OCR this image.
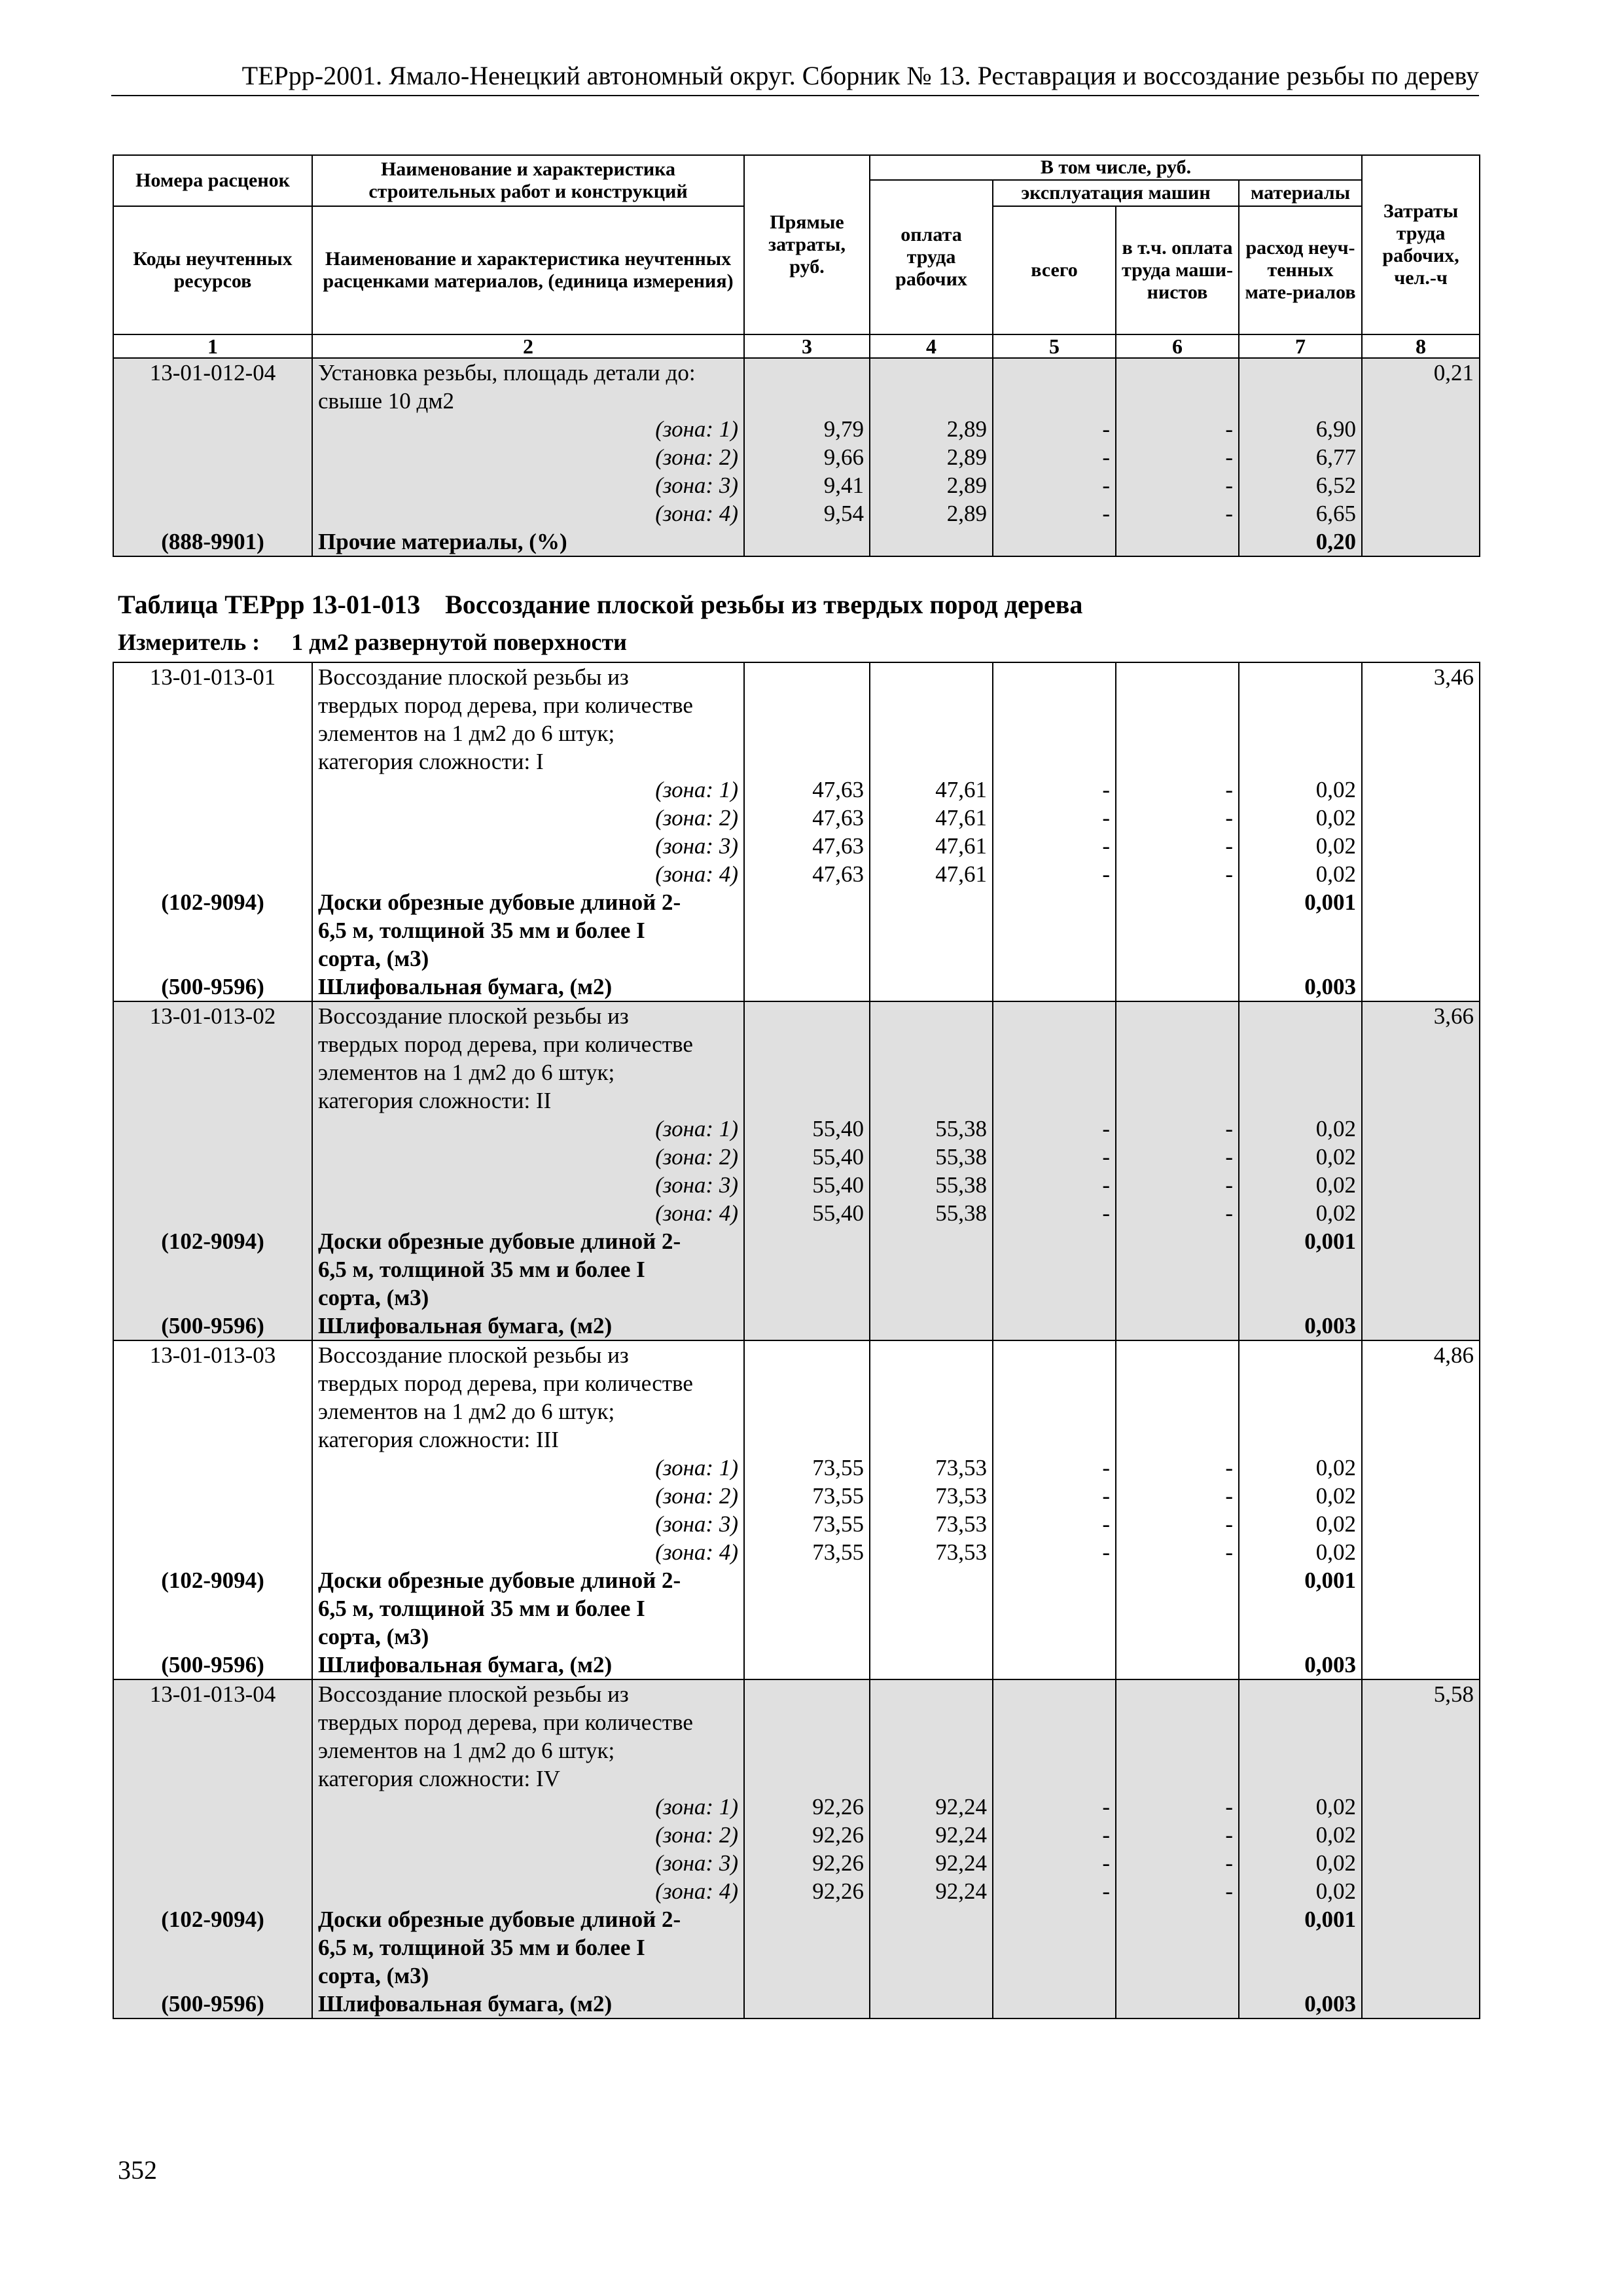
ТЕРрр-2001. Ямало-Ненецкий автономный округ. Сборник № 13. Реставрация и воссоздание резьбы по дереву
Номера расценок	Наименование и характеристика строительных работ и конструкций	Прямые затраты, руб.	В том числе, руб.				Затраты труда рабочих, чел.-ч
			оплата труда рабочих	эксплуатация машин		материалы	
Коды неучтенных ресурсов	Наименование и характеристика неучтенных расценками материалов, (единица измерения)			всего	в т.ч. оплата труда маши-нистов	расход неуч-тенных мате-риалов	
1	2	3	4	5	6	7	8
13-01-012-04	Установка резьбы, площадь детали до:						0,21
	свыше 10 дм2						
	(зона: 1)	9,79	2,89	-	-	6,90	
	(зона: 2)	9,66	2,89	-	-	6,77	
	(зона: 3)	9,41	2,89	-	-	6,52	
	(зона: 4)	9,54	2,89	-	-	6,65	
(888-9901)	Прочие материалы, (%)					0,20	
Таблица ТЕРрр 13-01-013 Воссоздание плоской резьбы из твердых пород дерева
Измеритель : 1 дм2 развернутой поверхности
13-01-013-01	Воссоздание плоской резьбы из						3,46
	твердых пород дерева, при количестве						
	элементов на 1 дм2 до 6 штук;						
	категория сложности: I						
	(зона: 1)	47,63	47,61	-	-	0,02	
	(зона: 2)	47,63	47,61	-	-	0,02	
	(зона: 3)	47,63	47,61	-	-	0,02	
	(зона: 4)	47,63	47,61	-	-	0,02	
(102-9094)	Доски обрезные дубовые длиной 2-					0,001	
	6,5 м, толщиной 35 мм и более I						
	сорта, (м3)						
(500-9596)	Шлифовальная бумага, (м2)					0,003	
13-01-013-02	Воссоздание плоской резьбы из						3,66
	твердых пород дерева, при количестве						
	элементов на 1 дм2 до 6 штук;						
	категория сложности: II						
	(зона: 1)	55,40	55,38	-	-	0,02	
	(зона: 2)	55,40	55,38	-	-	0,02	
	(зона: 3)	55,40	55,38	-	-	0,02	
	(зона: 4)	55,40	55,38	-	-	0,02	
(102-9094)	Доски обрезные дубовые длиной 2-					0,001	
	6,5 м, толщиной 35 мм и более I						
	сорта, (м3)						
(500-9596)	Шлифовальная бумага, (м2)					0,003	
13-01-013-03	Воссоздание плоской резьбы из						4,86
	твердых пород дерева, при количестве						
	элементов на 1 дм2 до 6 штук;						
	категория сложности: III						
	(зона: 1)	73,55	73,53	-	-	0,02	
	(зона: 2)	73,55	73,53	-	-	0,02	
	(зона: 3)	73,55	73,53	-	-	0,02	
	(зона: 4)	73,55	73,53	-	-	0,02	
(102-9094)	Доски обрезные дубовые длиной 2-					0,001	
	6,5 м, толщиной 35 мм и более I						
	сорта, (м3)						
(500-9596)	Шлифовальная бумага, (м2)					0,003	
13-01-013-04	Воссоздание плоской резьбы из						5,58
	твердых пород дерева, при количестве						
	элементов на 1 дм2 до 6 штук;						
	категория сложности: IV						
	(зона: 1)	92,26	92,24	-	-	0,02	
	(зона: 2)	92,26	92,24	-	-	0,02	
	(зона: 3)	92,26	92,24	-	-	0,02	
	(зона: 4)	92,26	92,24	-	-	0,02	
(102-9094)	Доски обрезные дубовые длиной 2-					0,001	
	6,5 м, толщиной 35 мм и более I						
	сорта, (м3)						
(500-9596)	Шлифовальная бумага, (м2)					0,003	
352
